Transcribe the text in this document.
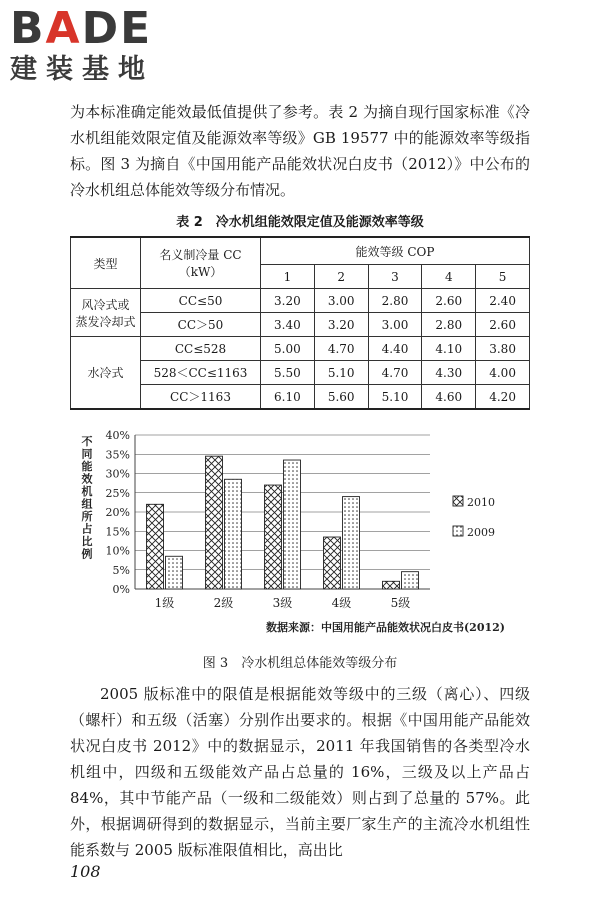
BADE
建装基地

为本标准确定能效最低值提供了参考。表 2 为摘自现行国家标准《冷水机组能效限定值及能源效率等级》GB 19577 中的能源效率等级指标。图 3 为摘自《中国用能产品能效状况白皮书（2012）》中公布的冷水机组总体能效等级分布情况。

表 2　冷水机组能效限定值及能源效率等级
类型	名义制冷量 CC（kW）	能效等级 COP				
		1	2	3	4	5
风冷式或
蒸发冷却式	CC≤50	3.20	3.00	2.80	2.60	2.40
	CC＞50	3.40	3.20	3.00	2.80	2.60
水冷式	CC≤528	5.00	4.70	4.40	4.10	3.80
	528＜CC≤1163	5.50	5.10	4.70	4.30	4.00
	CC＞1163	6.10	5.60	5.10	4.60	4.20
0%
5%
10%
15%
20%
25%
30%
35%
40%
1级	2级	3级	4级	5级
不同能效机组所占比例
2010
2009
数据来源：中国用能产品能效状况白皮书(2012)
图 3　冷水机组总体能效等级分布

2005 版标准中的限值是根据能效等级中的三级（离心）、四级（螺杆）和五级（活塞）分别作出要求的。根据《中国用能产品能效状况白皮书 2012》中的数据显示，2011 年我国销售的各类型冷水机组中，四级和五级能效产品占总量的 16%，三级及以上产品占 84%，其中节能产品（一级和二级能效）则占到了总量的 57%。此外，根据调研得到的数据显示，当前主要厂家生产的主流冷水机组性能系数与 2005 版标准限值相比，高出比

108
